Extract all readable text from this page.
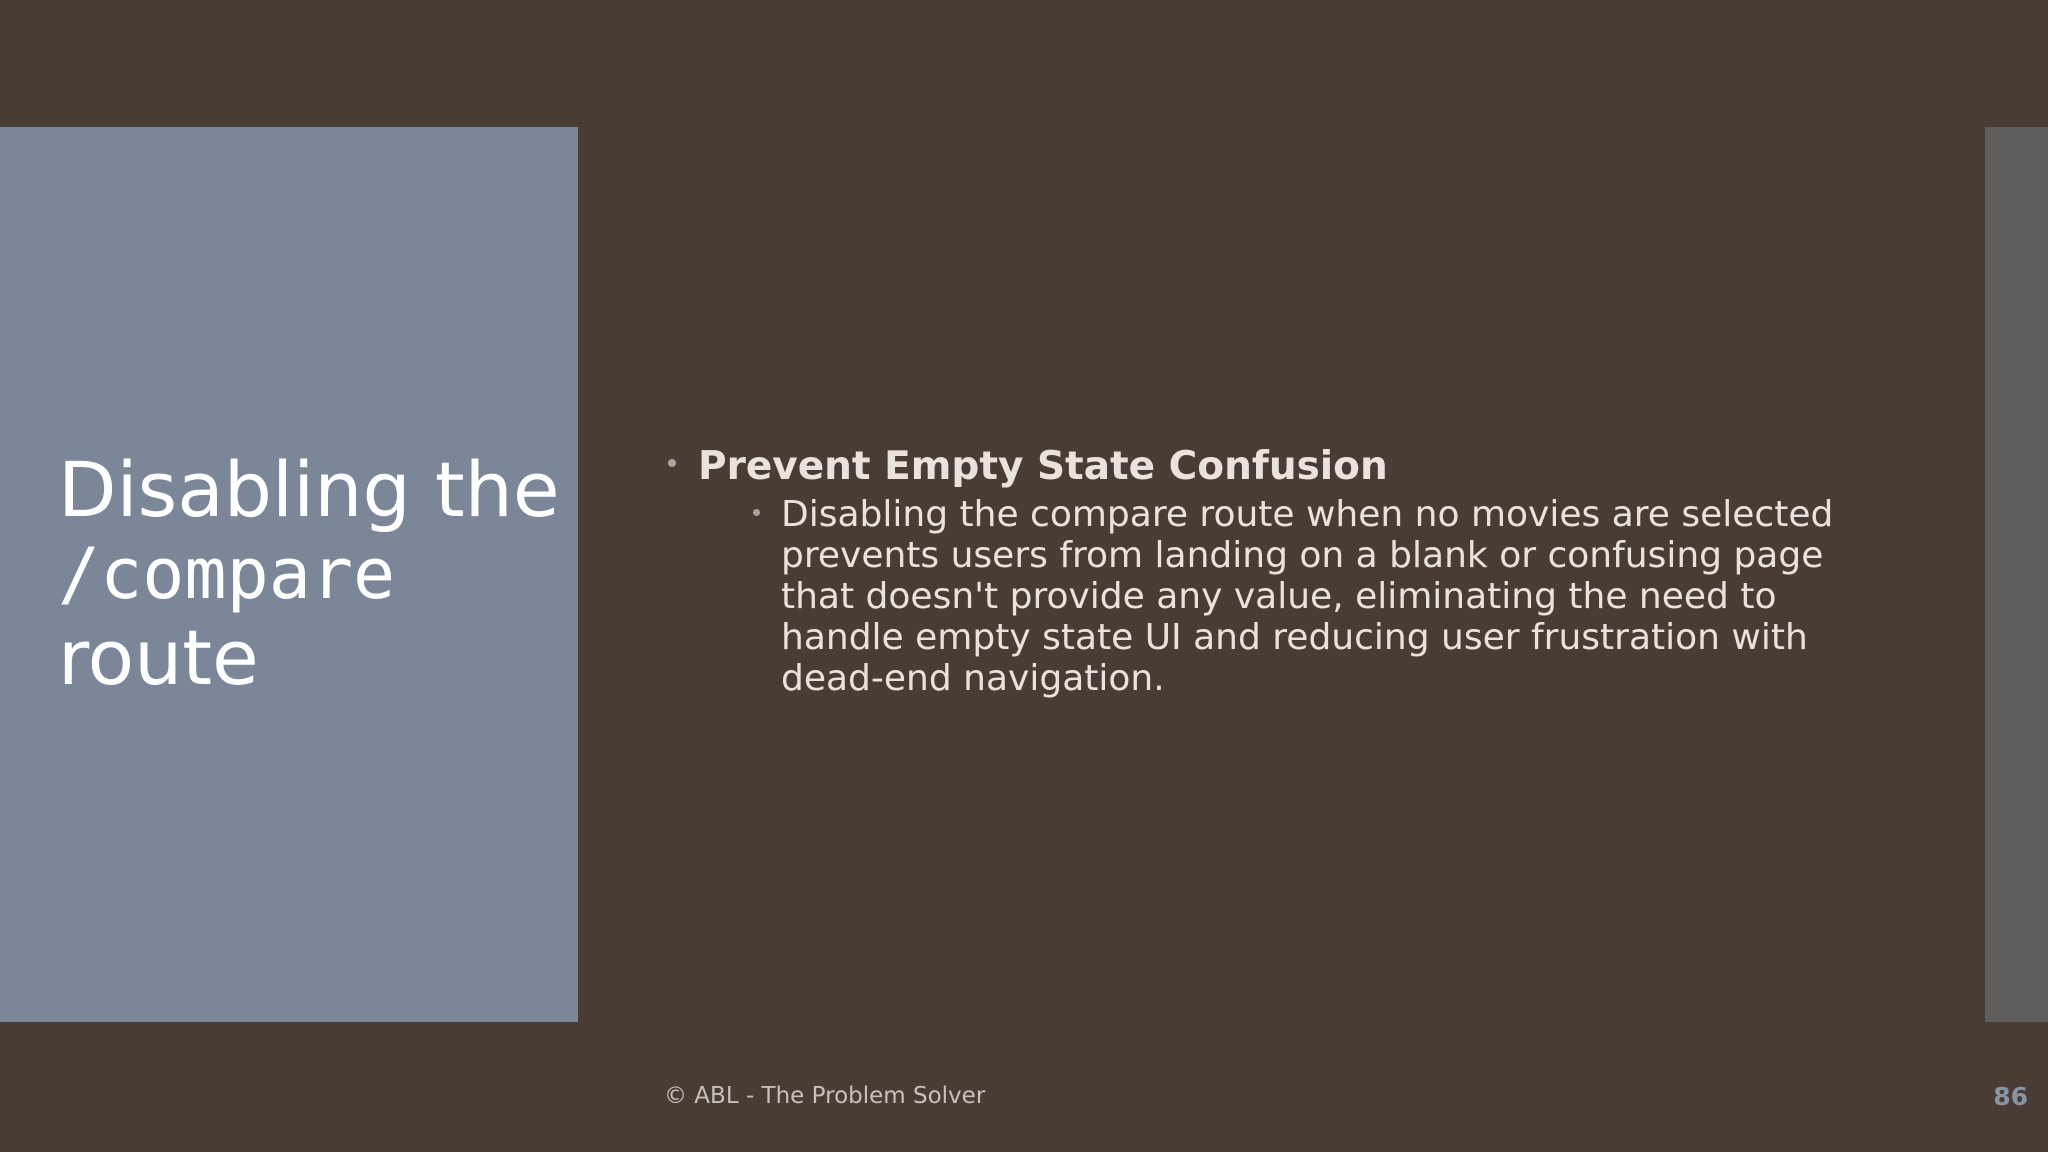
Disabling the
/compare
route
Prevent Empty State Confusion
Disabling the compare route when no movies are selected prevents users from landing on a blank or confusing page that doesn't provide any value, eliminating the need to handle empty state UI and reducing user frustration with dead-end navigation.
© ABL - The Problem Solver	86
